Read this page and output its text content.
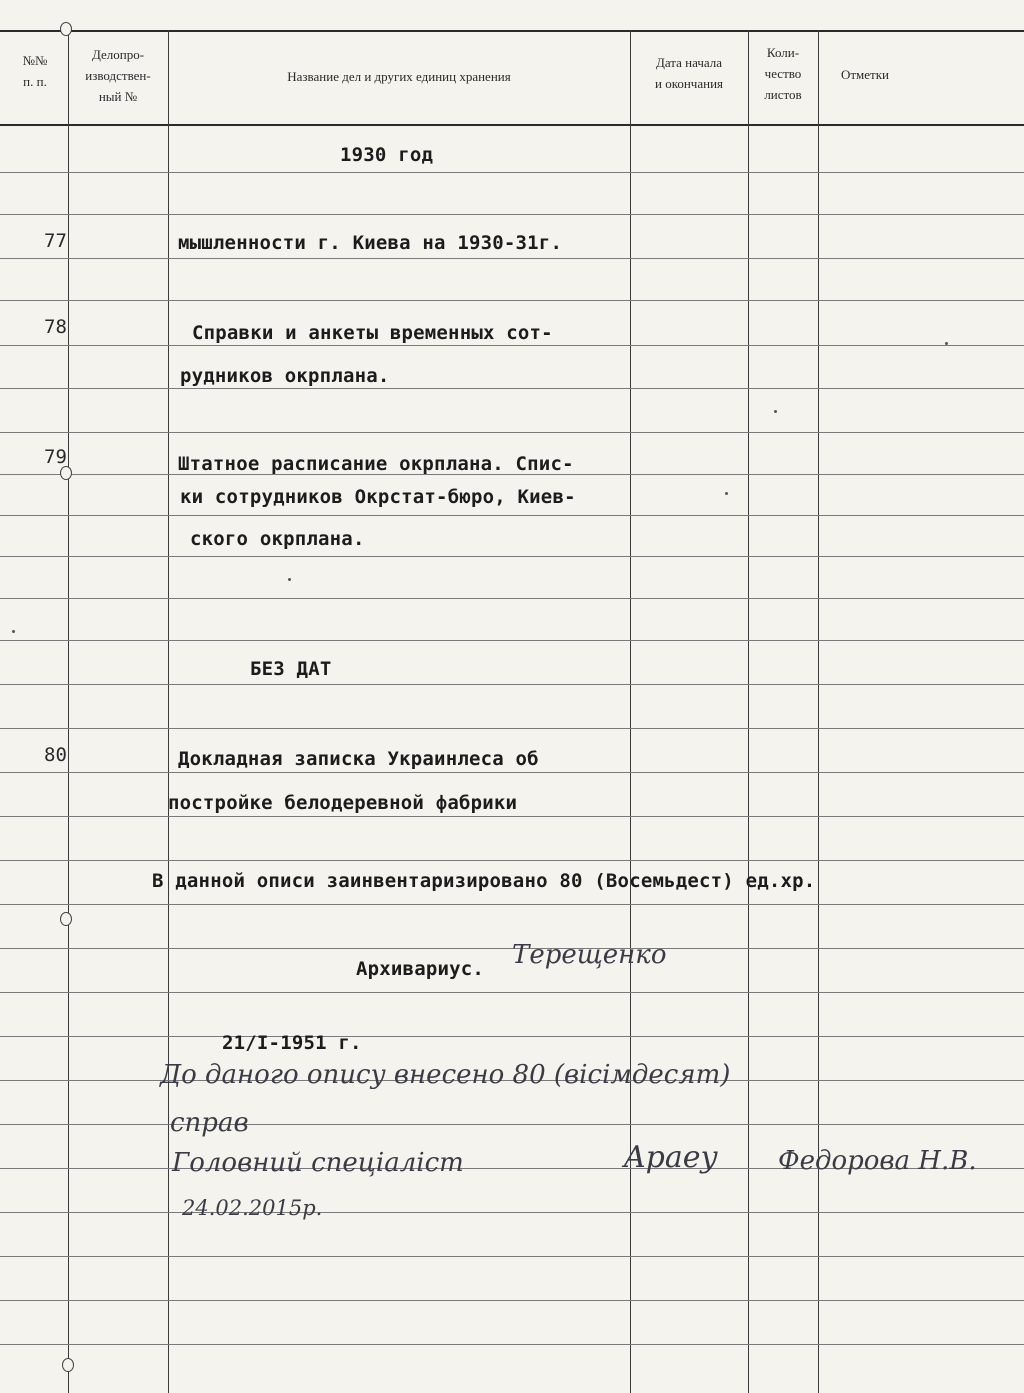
№№
п. п.
Делопро-
изводствен-
ный №
Название дел и других единиц хранения
Дата начала
и окончания
Коли-
чество
листов
Отметки
1930 год
77	мышленности г. Киева на 1930-31г.
78	Справки и анкеты временных сот-
рудников окрплана.
79	Штатное расписание окрплана. Спис-
ки сотрудников Окрстат-бюро, Киев-
ского окрплана.
БЕЗ ДАТ
80	Докладная записка Украинлеса об
постройке белодеревной фабрики
В данной описи заинвентаризировано 80 (Восемьдест) ед.хр.
Архивариус. Терещенко
21/I-1951 г.
До даного опису внесено 80 (вісімдесят)
справ
Головний спеціаліст	Apaey Федорова Н.В.
24.02.2015р.
